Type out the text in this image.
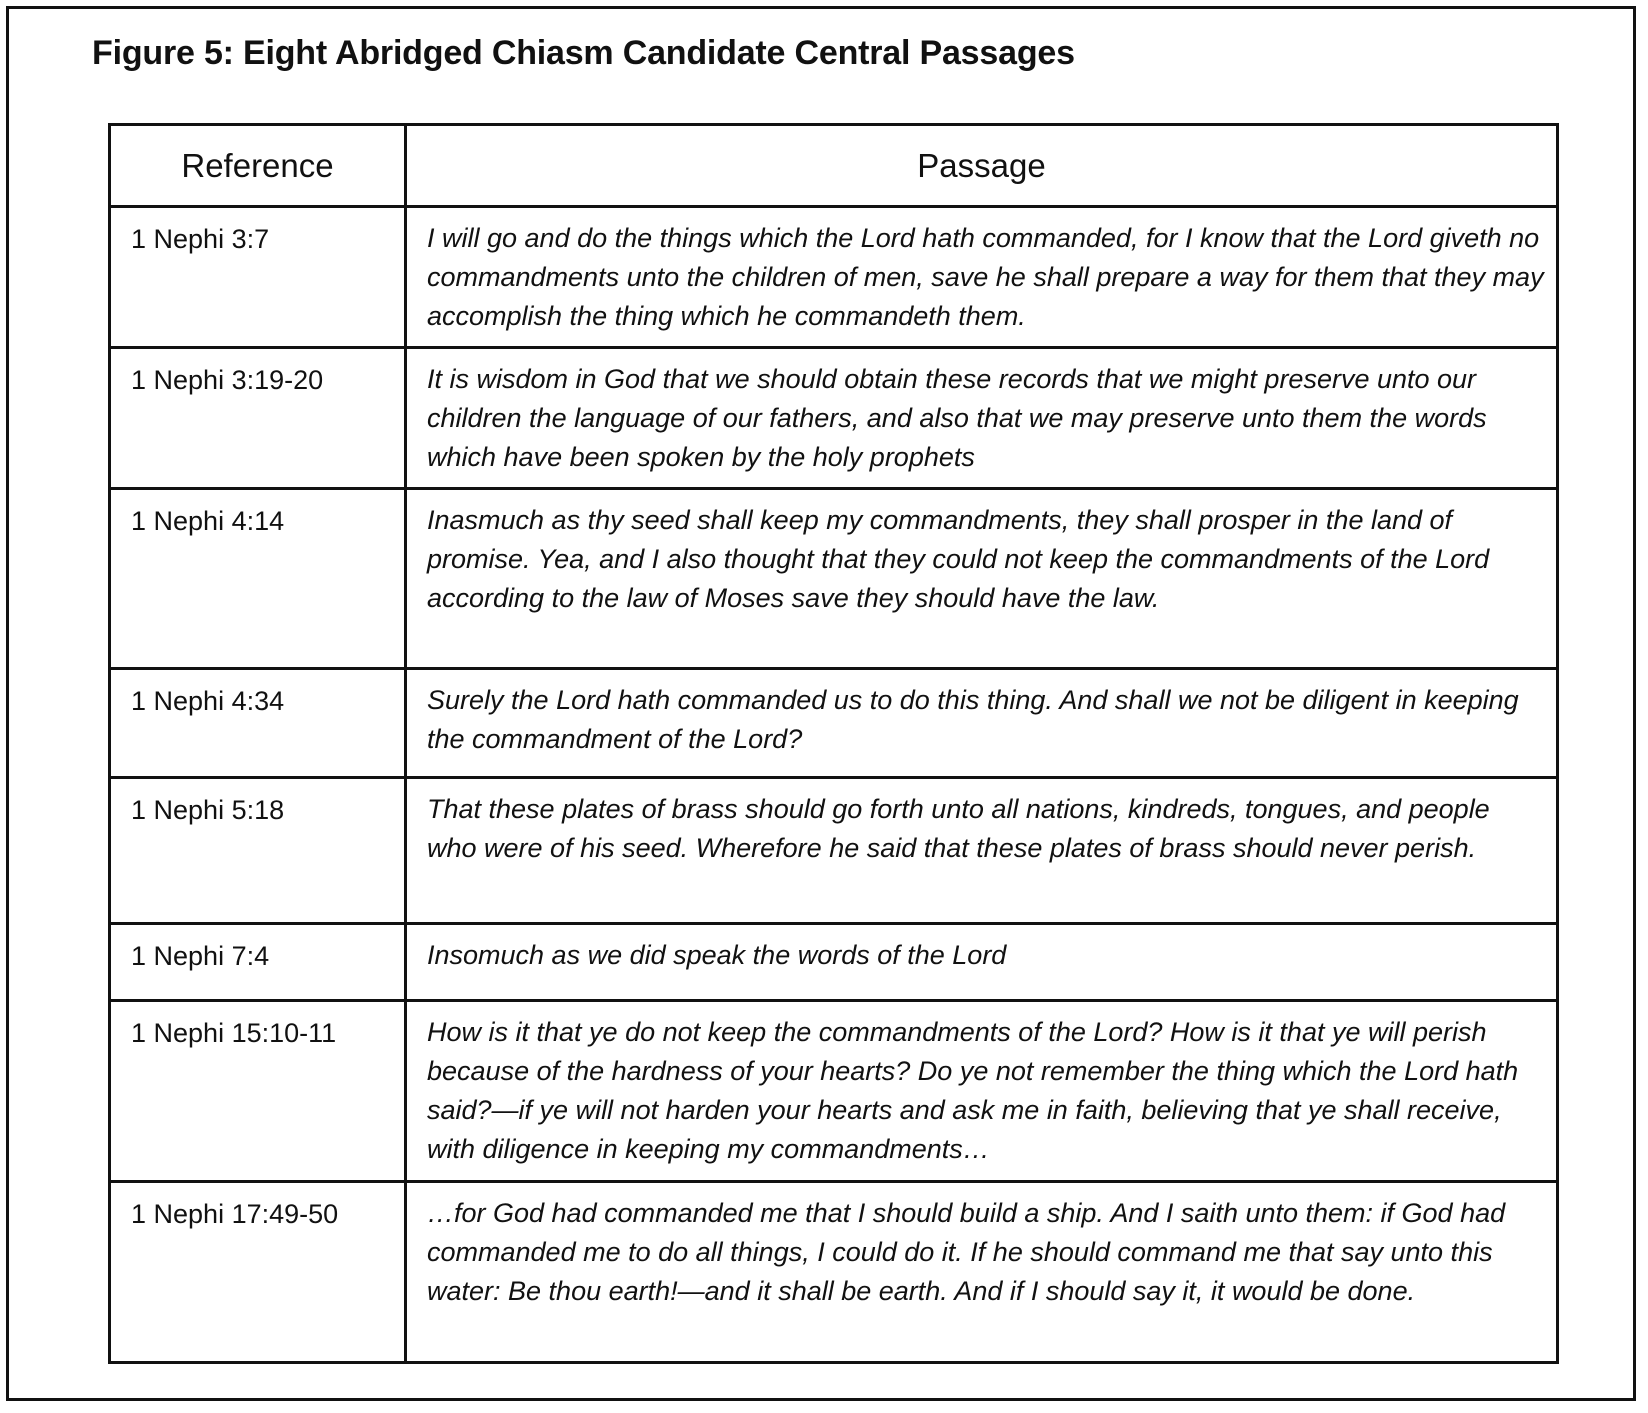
Figure 5: Eight Abridged Chiasm Candidate Central Passages
Reference	Passage
1 Nephi 3:7	I will go and do the things which the Lord hath commanded, for I know that the Lord giveth no commandments unto the children of men, save he shall prepare a way for them that they may accomplish the thing which he commandeth them.
1 Nephi 3:19-20	It is wisdom in God that we should obtain these records that we might preserve unto our children the language of our fathers, and also that we may preserve unto them the words which have been spoken by the holy prophets
1 Nephi 4:14	Inasmuch as thy seed shall keep my commandments, they shall prosper in the land of promise. Yea, and I also thought that they could not keep the commandments of the Lord according to the law of Moses save they should have the law.
1 Nephi 4:34	Surely the Lord hath commanded us to do this thing. And shall we not be diligent in keeping the commandment of the Lord?
1 Nephi 5:18	That these plates of brass should go forth unto all nations, kindreds, tongues, and people who were of his seed. Wherefore he said that these plates of brass should never perish.
1 Nephi 7:4	Insomuch as we did speak the words of the Lord
1 Nephi 15:10-11	How is it that ye do not keep the commandments of the Lord? How is it that ye will perish because of the hardness of your hearts? Do ye not remember the thing which the Lord hath said?—if ye will not harden your hearts and ask me in faith, believing that ye shall receive, with diligence in keeping my commandments…
1 Nephi 17:49-50	…for God had commanded me that I should build a ship. And I saith unto them: if God had commanded me to do all things, I could do it. If he should command me that say unto this water: Be thou earth!—and it shall be earth. And if I should say it, it would be done.
